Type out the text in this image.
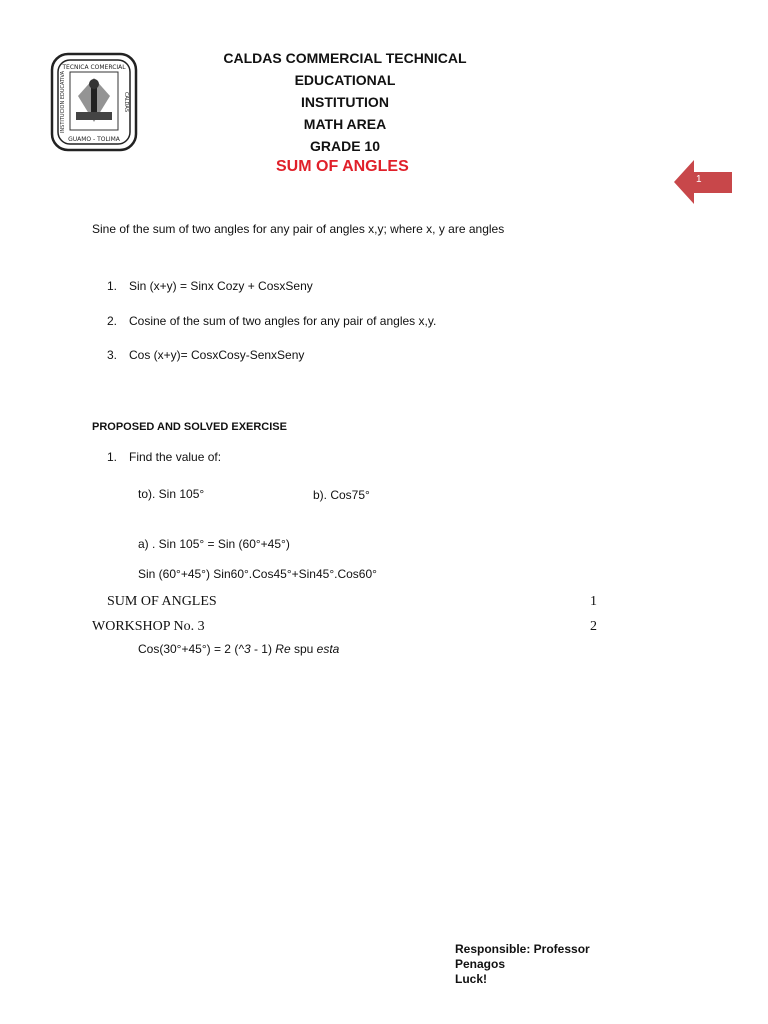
TECNICA COMERCIAL
GUAMO - TOLIMA
INSTITUCION EDUCATIVA	CALDAS
CALDAS COMMERCIAL TECHNICAL EDUCATIONAL
INSTITUTION
MATH AREA
GRADE 10
SUM OF ANGLES
1
Sine of the sum of two angles for any pair of angles x,y; where x, y are angles
1. Sin (x+y) = Sinx Cozy + CosxSeny
2. Cosine of the sum of two angles for any pair of angles x,y.
3. Cos (x+y)= CosxCosy-SenxSeny
PROPOSED AND SOLVED EXERCISE
1. Find the value of:
to). Sin 105°	b). Cos75°
a) . Sin 105° = Sin (60°+45°)
Sin (60°+45°) Sin60°.Cos45°+Sin45°.Cos60°
SUM OF ANGLES	1
WORKSHOP No. 3	2
Cos(30°+45°) = 2 (^3 - 1) Re spu esta
Responsible: Professor
Penagos
Luck!
